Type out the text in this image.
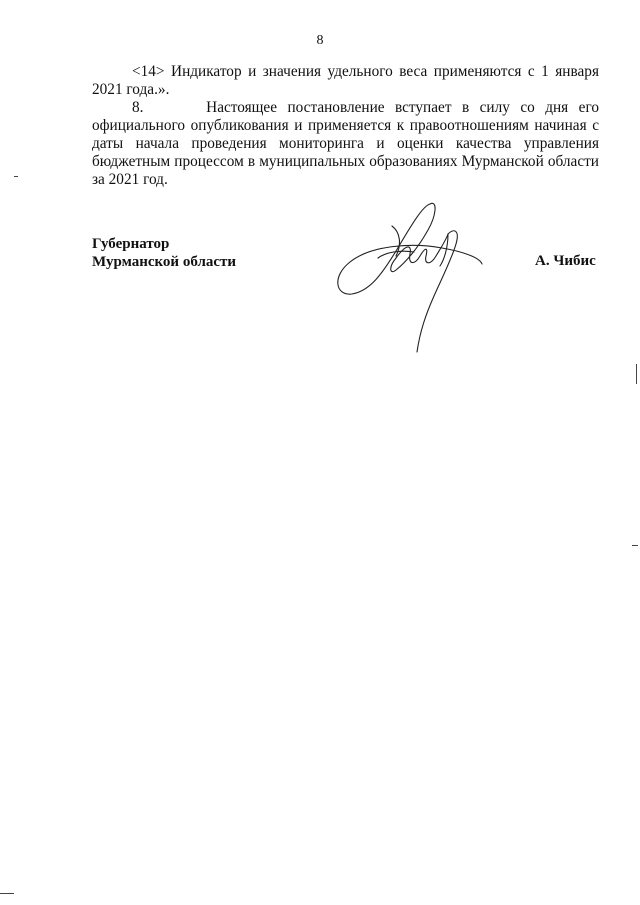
8

<14> Индикатор и значения удельного веса применяются с 1 января 2021 года.».

8.      Настоящее постановление вступает в силу со дня его официального опубликования и применяется к правоотношениям начиная с даты начала проведения мониторинга и оценки качества управления бюджетным процессом в муниципальных образованиях Мурманской области за 2021 год.

Губернатор
Мурманской области	А. Чибис
